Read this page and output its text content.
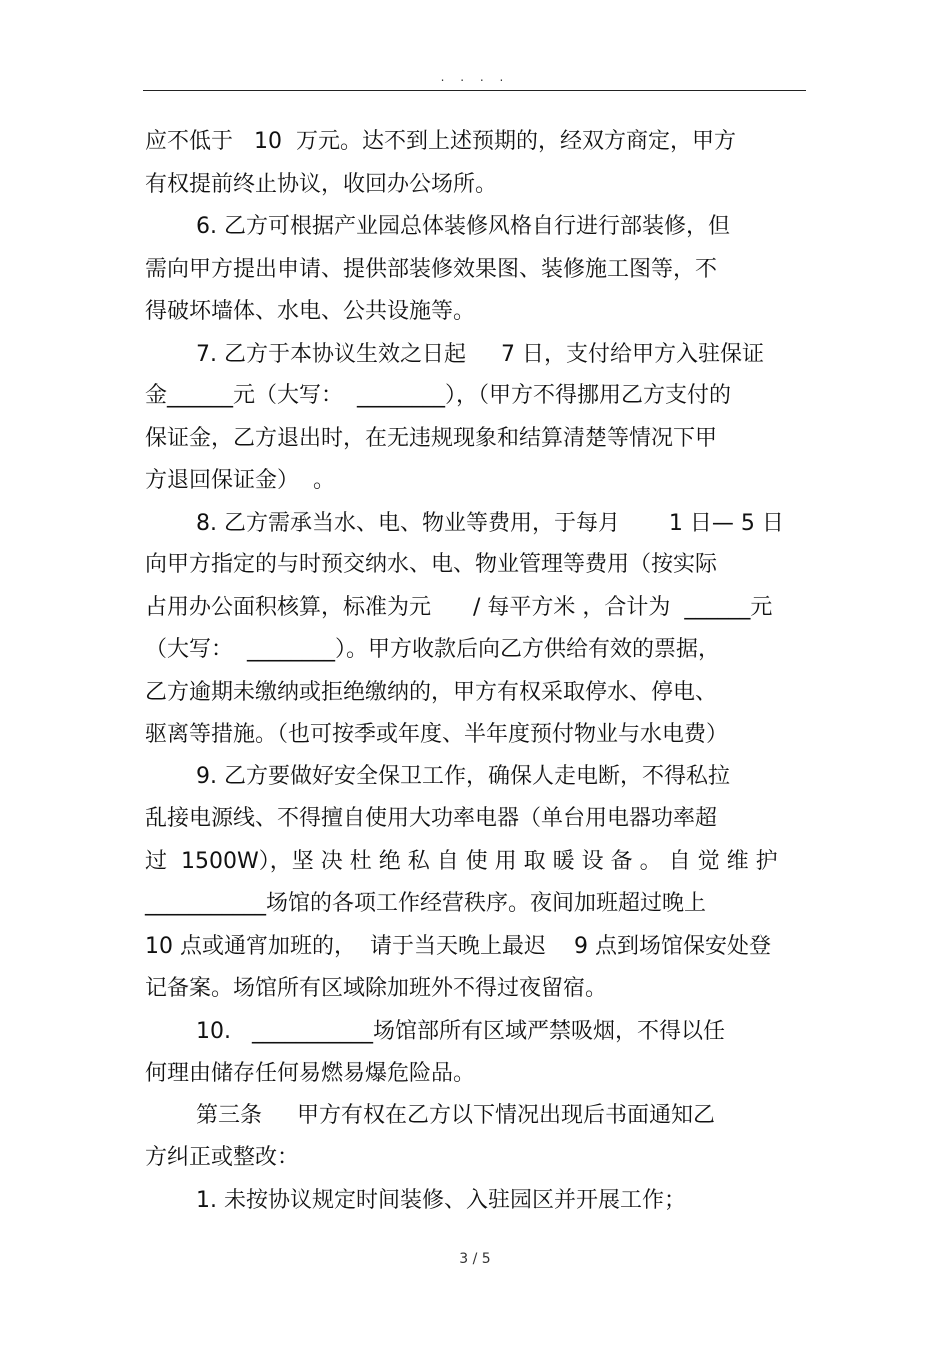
. . . .
应不低于   10  万元。达不到上述预期的，经双方商定，甲方
有权提前终止协议，收回办公场所。
6. 乙方可根据产业园总体装修风格自行进行部装修，但
需向甲方提出申请、提供部装修效果图、装修施工图等，不
得破坏墙体、水电、公共设施等。
7. 乙方于本协议生效之日起     7 日，支付给甲方入驻保证
金______元（大写：  ________），（甲方不得挪用乙方支付的
保证金，乙方退出时，在无违规现象和结算清楚等情况下甲
方退回保证金）  。
8. 乙方需承当水、电、物业等费用，于每月       1 日— 5 日
向甲方指定的与时预交纳水、电、物业管理等费用（按实际
占用办公面积核算，标准为元      / 每平方米 ，合计为  ______元
（大写：  ________）。甲方收款后向乙方供给有效的票据，
乙方逾期未缴纳或拒绝缴纳的，甲方有权采取停水、停电、
驱离等措施。（也可按季或年度、半年度预付物业与水电费）
9. 乙方要做好安全保卫工作，确保人走电断，不得私拉
乱接电源线、不得擅自使用大功率电器（单台用电器功率超
过  1500W），坚 决 杜 绝 私 自 使 用 取 暖 设 备 。 自 觉 维 护
___________场馆的各项工作经营秩序。夜间加班超过晚上
10 点或通宵加班的，  请于当天晚上最迟    9 点到场馆保安处登
记备案。场馆所有区域除加班外不得过夜留宿。
10.   ___________场馆部所有区域严禁吸烟，不得以任
何理由储存任何易燃易爆危险品。
第三条     甲方有权在乙方以下情况出现后书面通知乙
方纠正或整改：
1. 未按协议规定时间装修、入驻园区并开展工作；
3 / 5
